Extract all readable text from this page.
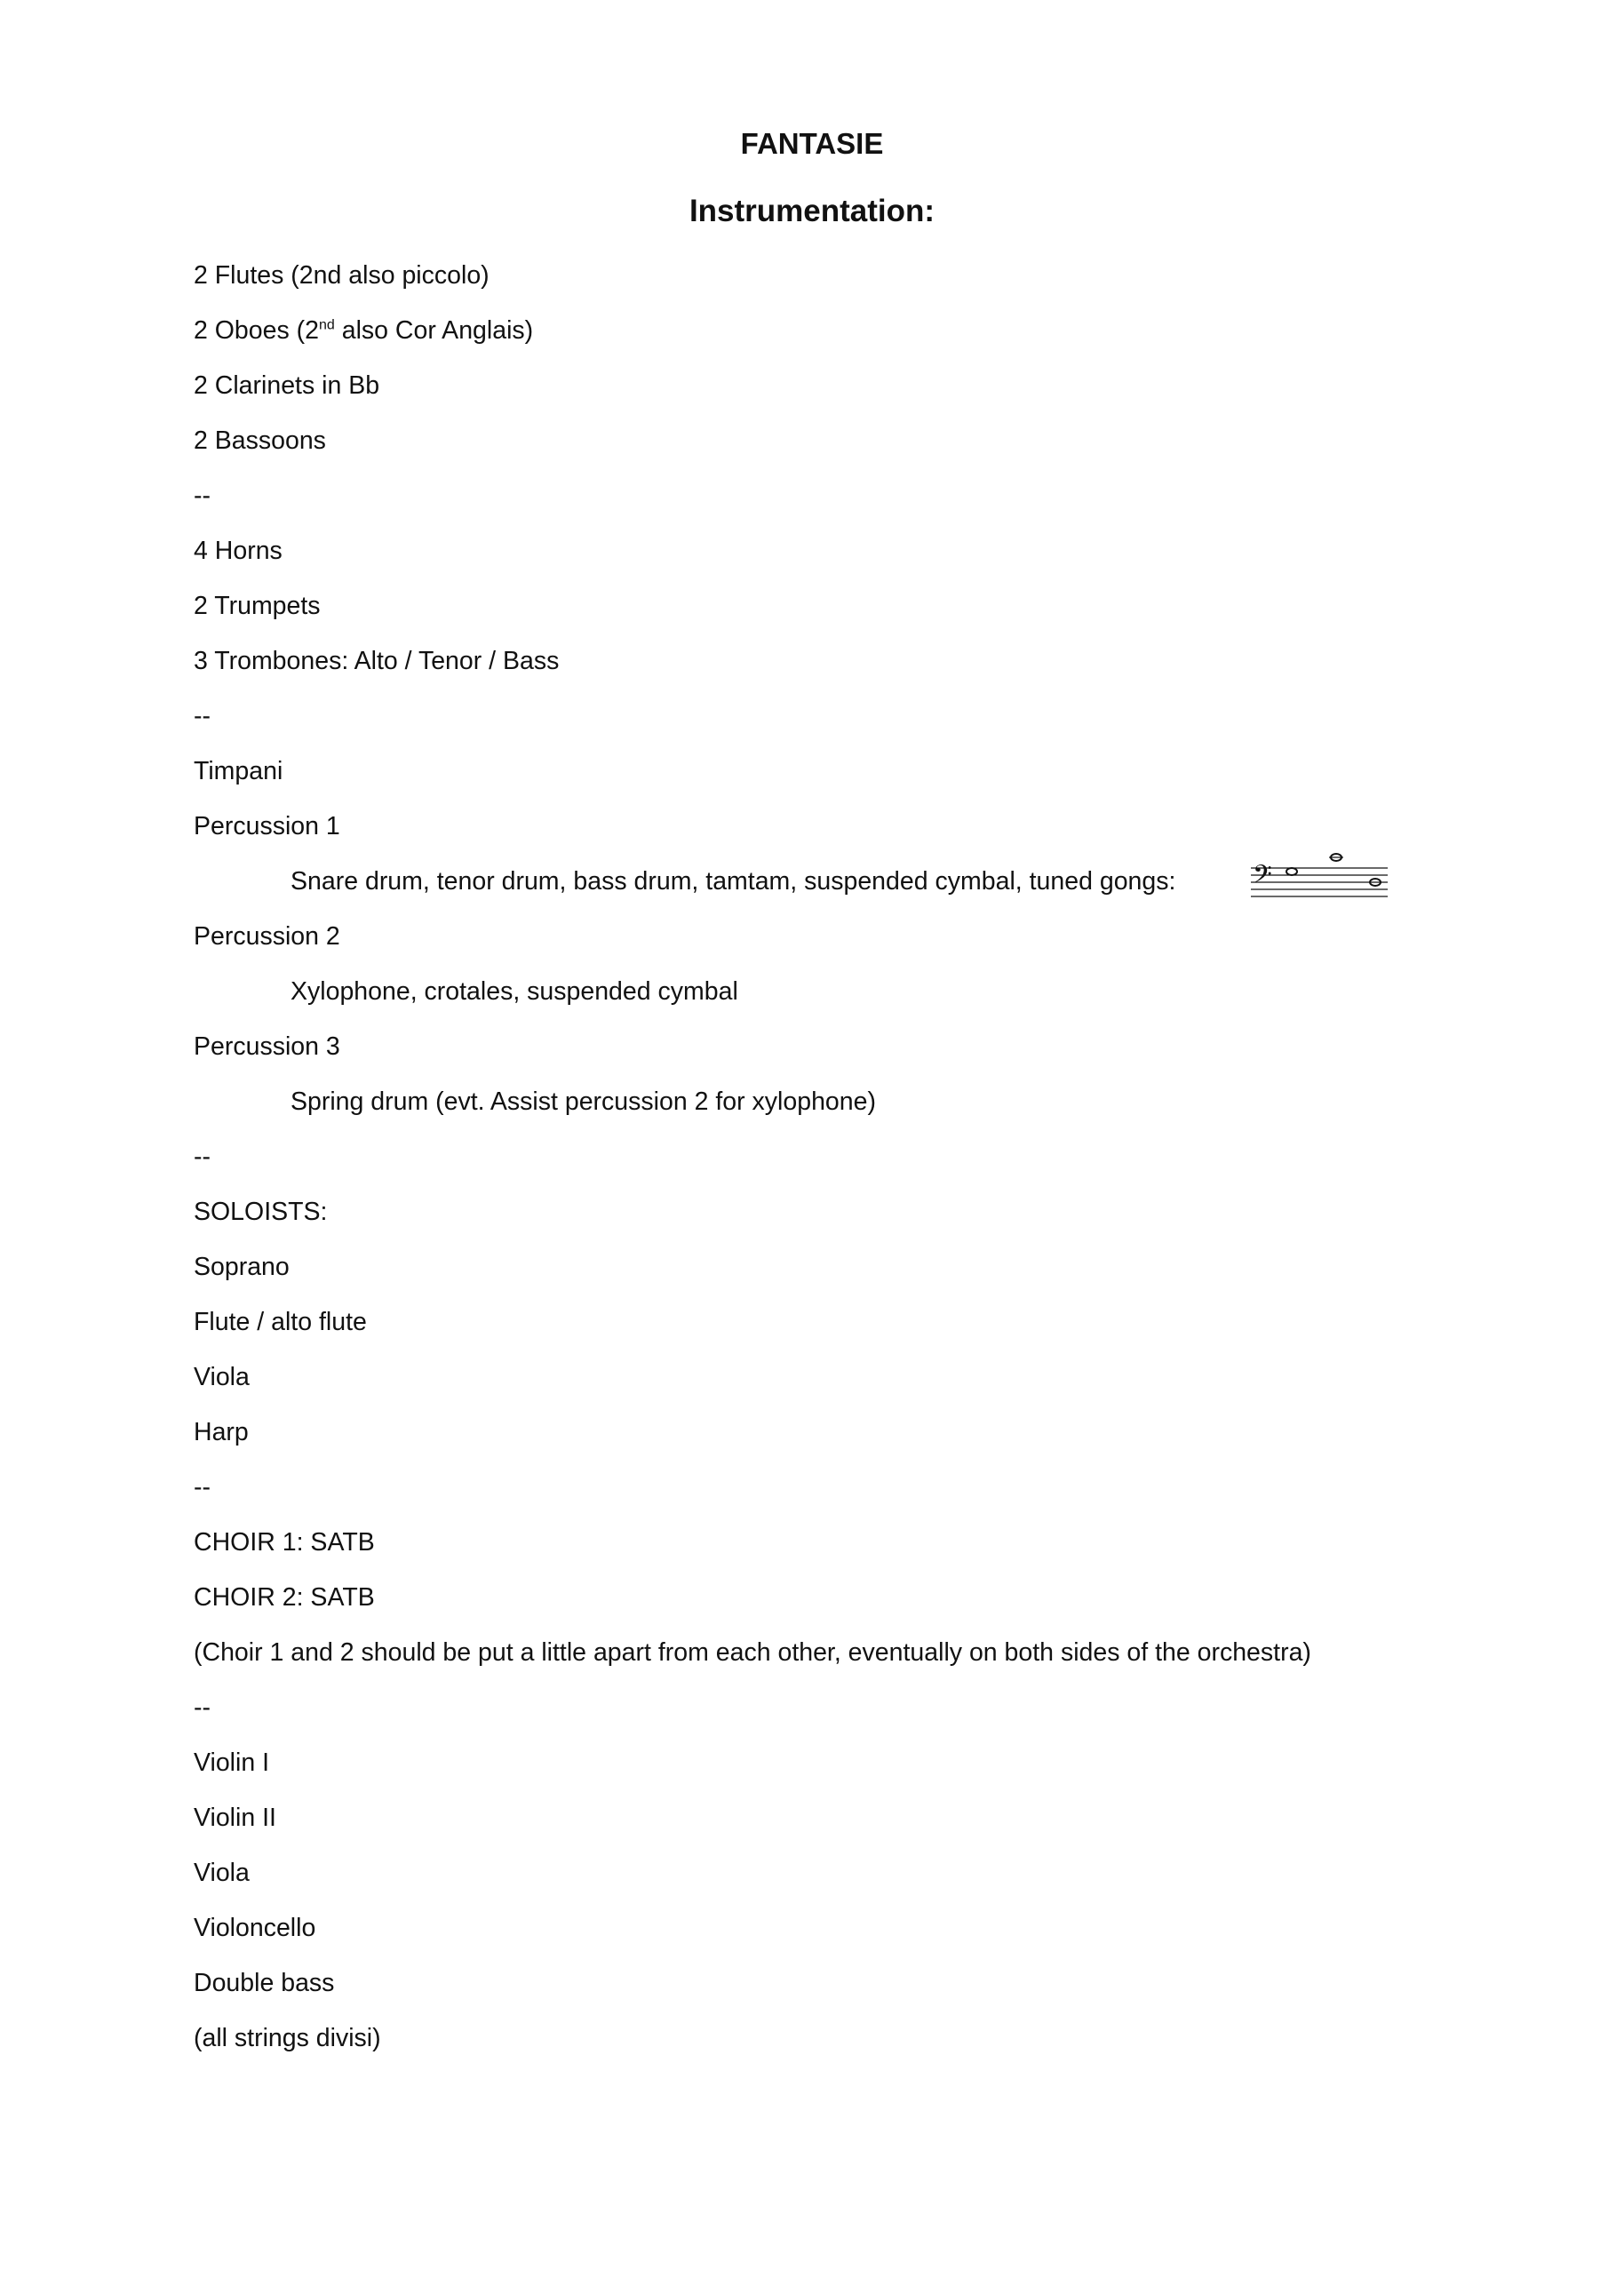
FANTASIE
Instrumentation:
2 Flutes (2nd also piccolo)
2 Oboes (2nd also Cor Anglais)
2 Clarinets in Bb
2 Bassoons
--
4 Horns
2 Trumpets
3 Trombones: Alto / Tenor / Bass
--
Timpani
Percussion 1
Snare drum, tenor drum, bass drum, tamtam, suspended cymbal, tuned gongs:	𝄢
Percussion 2
Xylophone, crotales, suspended cymbal
Percussion 3
Spring drum (evt. Assist percussion 2 for xylophone)
--
SOLOISTS:
Soprano
Flute / alto flute
Viola
Harp
--
CHOIR 1: SATB
CHOIR 2: SATB
(Choir 1 and 2 should be put a little apart from each other, eventually on both sides of the orchestra)
--
Violin I
Violin II
Viola
Violoncello
Double bass
(all strings divisi)
